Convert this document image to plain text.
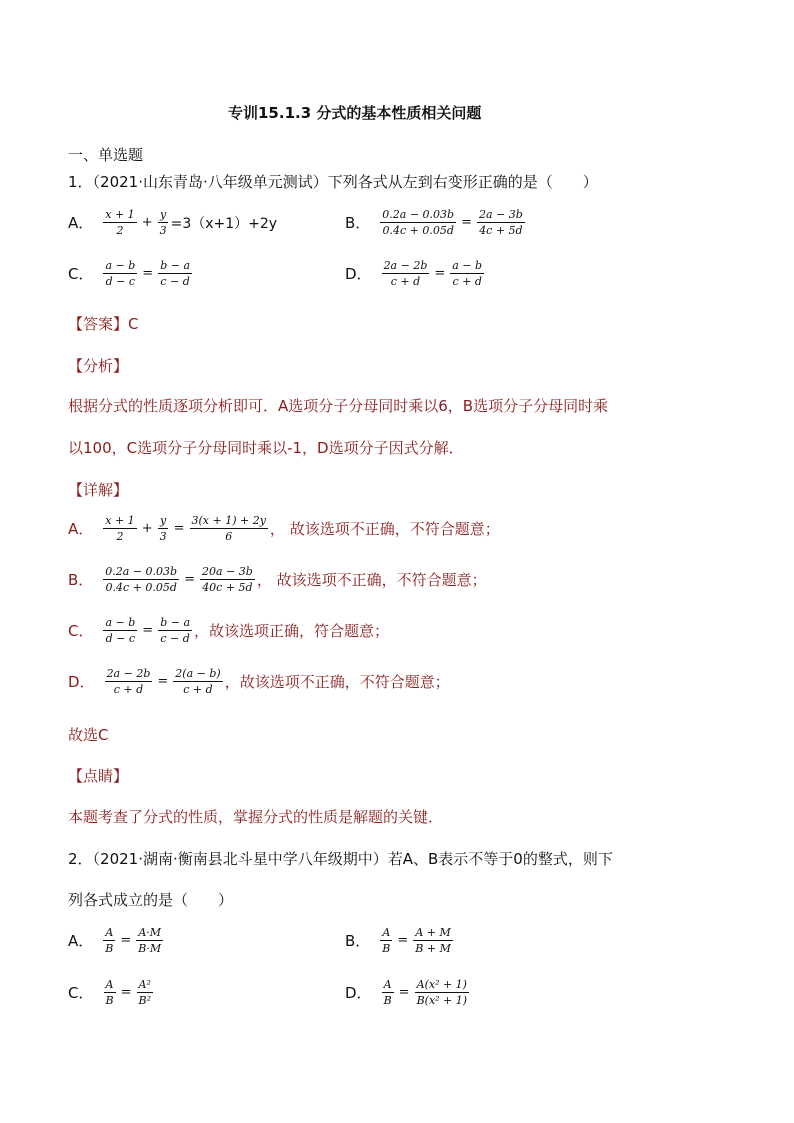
专训15.1.3 分式的基本性质相关问题
一、单选题
1．（2021·山东青岛·八年级单元测试）下列各式从左到右变形正确的是（　　）
A． $\frac{x + 1}{2} + \frac{y}{3} =3(x+1)+2y$	B． $\frac{0.2a - 0.03b}{0.4c + 0.05d} = \frac{2a - 3b}{4c + 5d}$
C． $\frac{a - b}{d - c} = \frac{b - a}{c - d}$	D． $\frac{2a - 2b}{c + d} = \frac{a - b}{c + d}$
【答案】C
【分析】
根据分式的性质逐项分析即可．A选项分子分母同时乘以6，B选项分子分母同时乘
以100，C选项分子分母同时乘以-1，D选项分子因式分解．
【详解】
A． $\frac{x + 1}{2} + \frac{y}{3} = \frac{3(x + 1) + 2y}{6}$ ， 故该选项不正确，不符合题意；
B． $\frac{0.2a - 0.03b}{0.4c + 0.05d} = \frac{20a - 3b}{40c + 5d}$ ， 故该选项不正确，不符合题意；
C． $\frac{a - b}{d - c} = \frac{b - a}{c - d}$ ，故该选项正确，符合题意；
D． $\frac{2a - 2b}{c + d} = \frac{2(a - b)}{c + d}$ ，故该选项不正确，不符合题意；
故选C
【点睛】
本题考查了分式的性质，掌握分式的性质是解题的关键．
2．（2021·湖南·衡南县北斗星中学八年级期中）若A、B表示不等于0的整式，则下
列各式成立的是（　　）
A． $\frac{A}{B} = \frac{A\cdot M}{B\cdot M}$	B． $\frac{A}{B} = \frac{A + M}{B + M}$
C． $\frac{A}{B} = \frac{\text{A²}}{\text{B²}}$	D． $\frac{A}{B} = \frac{\text{A(x² + 1)}}{\text{B(x² + 1)}}$
